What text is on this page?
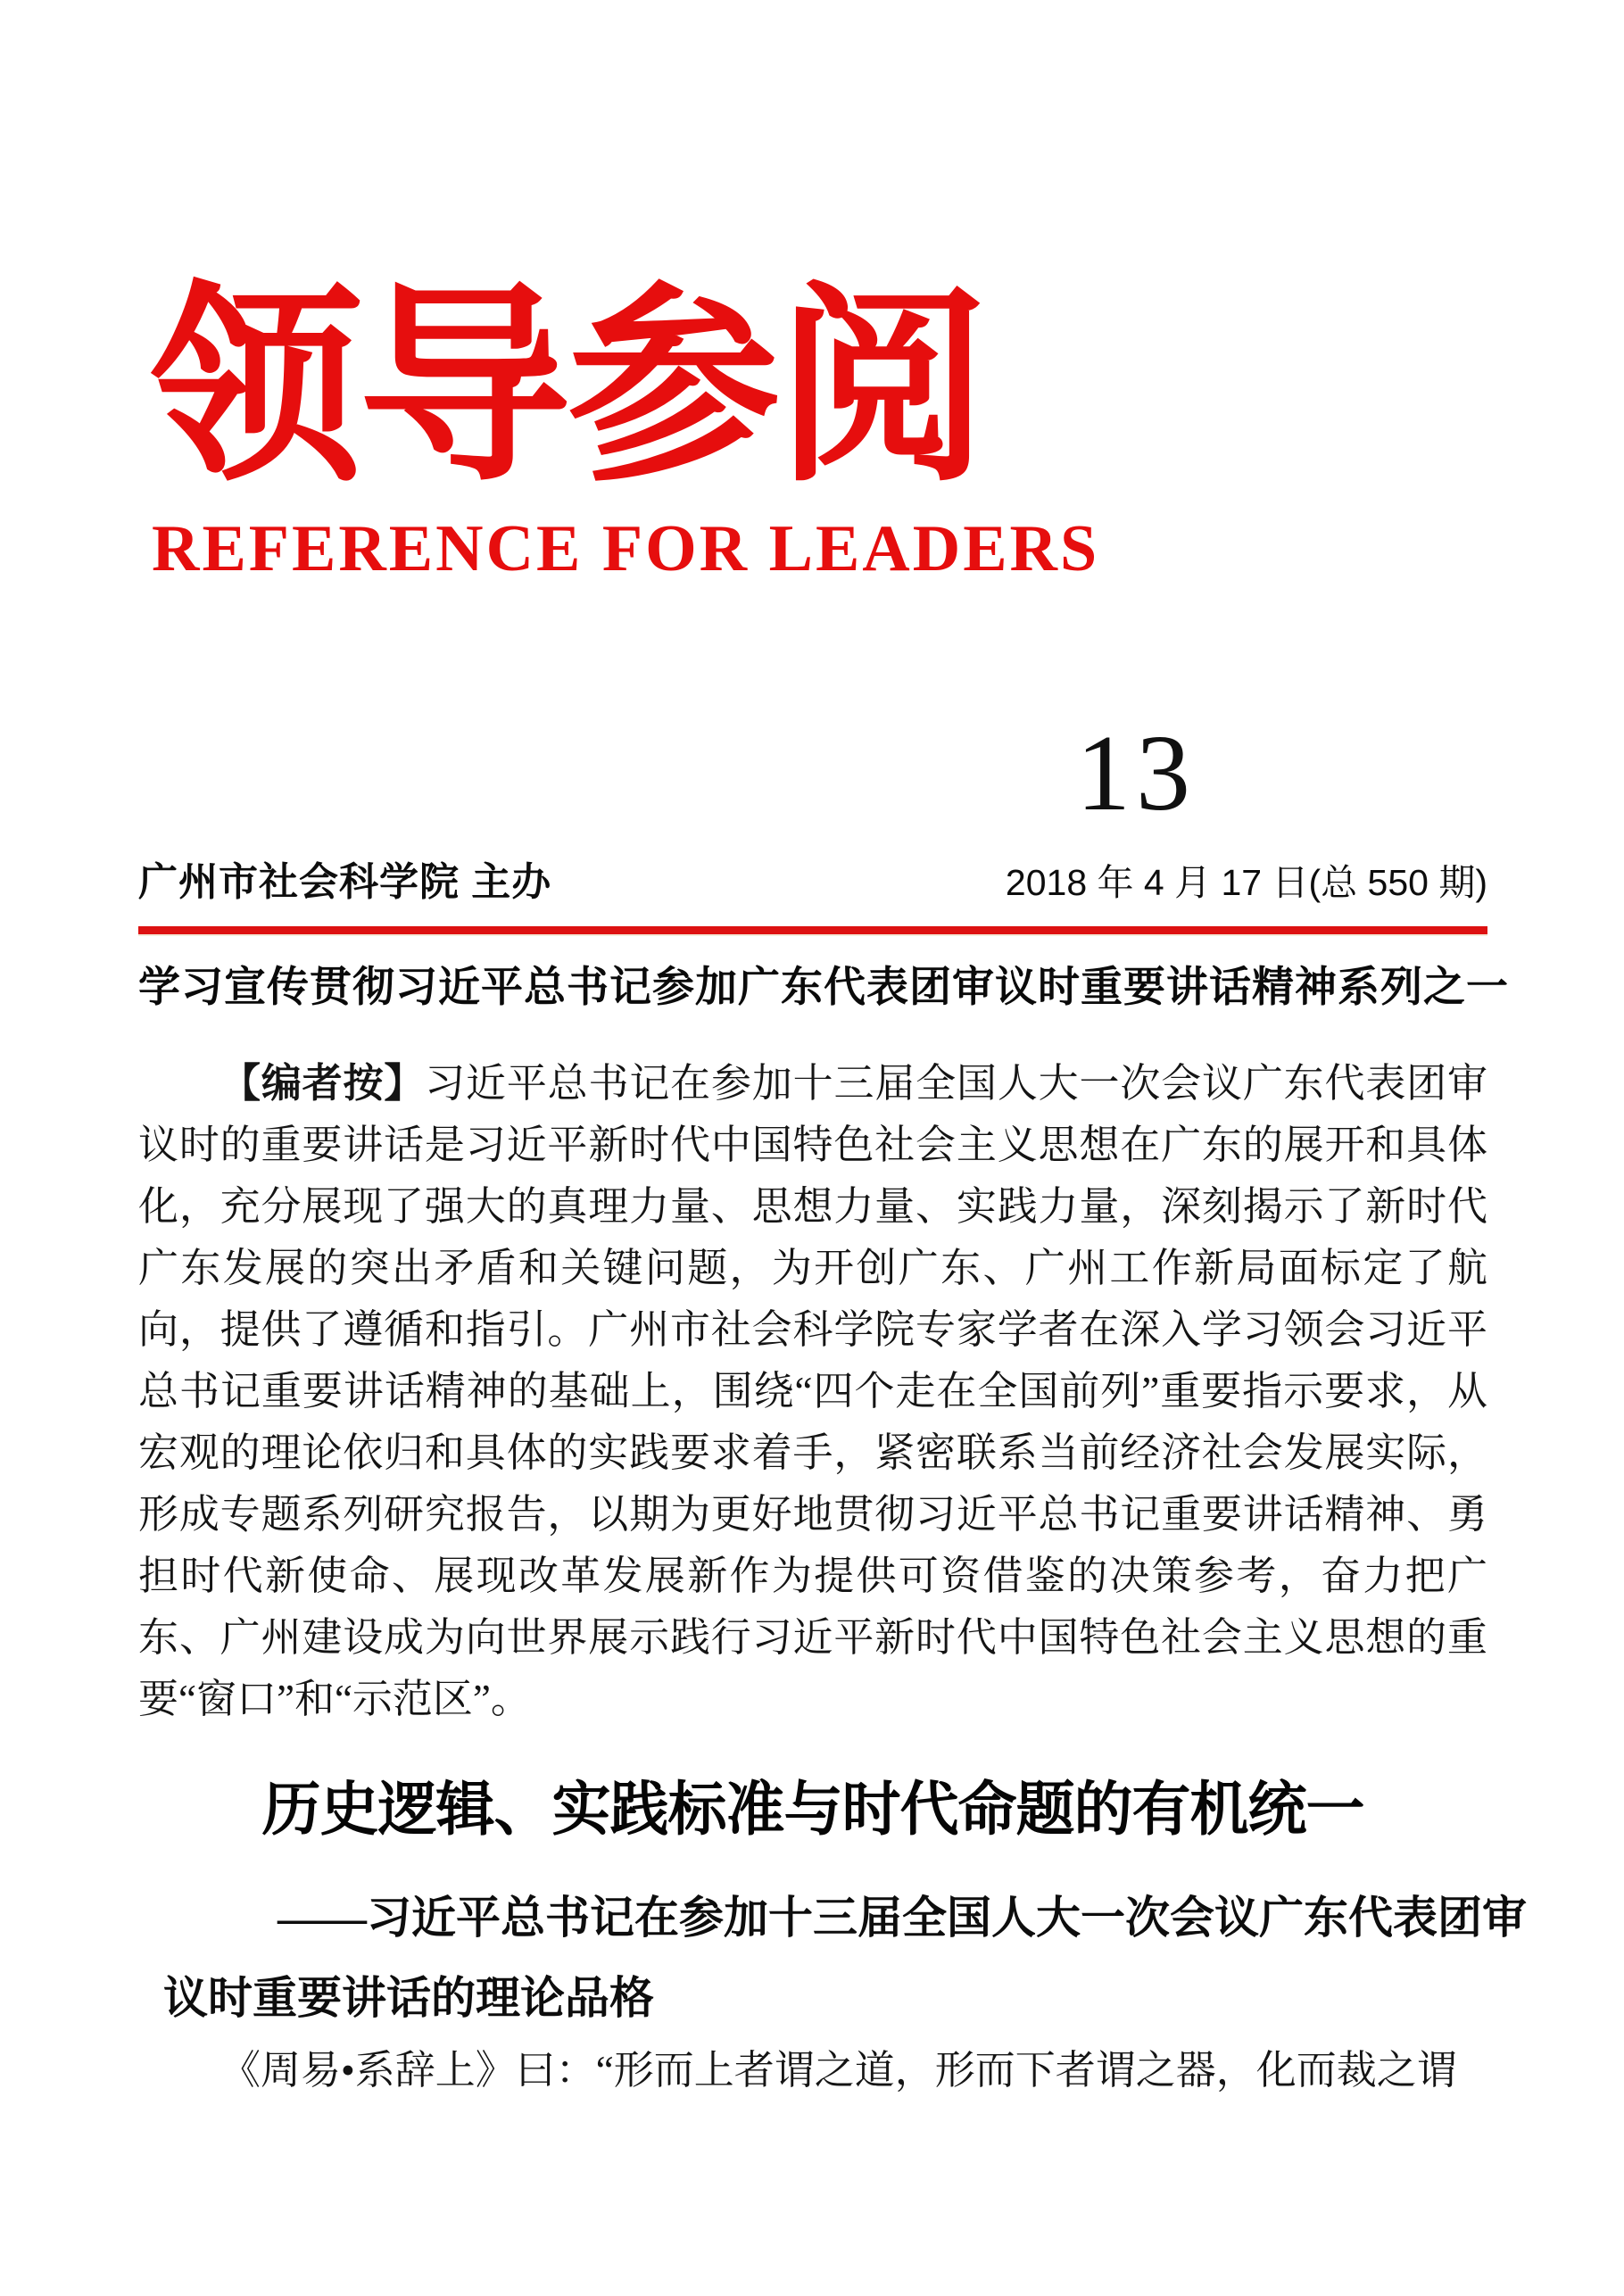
领导参阅
REFERENCE FOR LEADERS
13
广州市社会科学院 主办	2018 年 4 月 17 日(总 550 期)
学习宣传贯彻习近平总书记参加广东代表团审议时重要讲话精神系列之一

【编者按】习近平总书记在参加十三届全国人大一次会议广东代表团审议时的重要讲话是习近平新时代中国特色社会主义思想在广东的展开和具体化，充分展现了强大的真理力量、思想力量、实践力量，深刻揭示了新时代广东发展的突出矛盾和关键问题，为开创广东、广州工作新局面标定了航向，提供了遵循和指引。广州市社会科学院专家学者在深入学习领会习近平总书记重要讲话精神的基础上，围绕“四个走在全国前列”重要指示要求，从宏观的理论依归和具体的实践要求着手，紧密联系当前经济社会发展实际，形成专题系列研究报告，以期为更好地贯彻习近平总书记重要讲话精神、勇担时代新使命、展现改革发展新作为提供可资借鉴的决策参考，奋力把广东、广州建设成为向世界展示践行习近平新时代中国特色社会主义思想的重要“窗口”和“示范区”。

历史逻辑、实践标准与时代命题的有机统一
——习近平总书记在参加十三届全国人大一次会议广东代表团审
议时重要讲话的理论品格

《周易•系辞上》曰：“形而上者谓之道，形而下者谓之器，化而裁之谓
